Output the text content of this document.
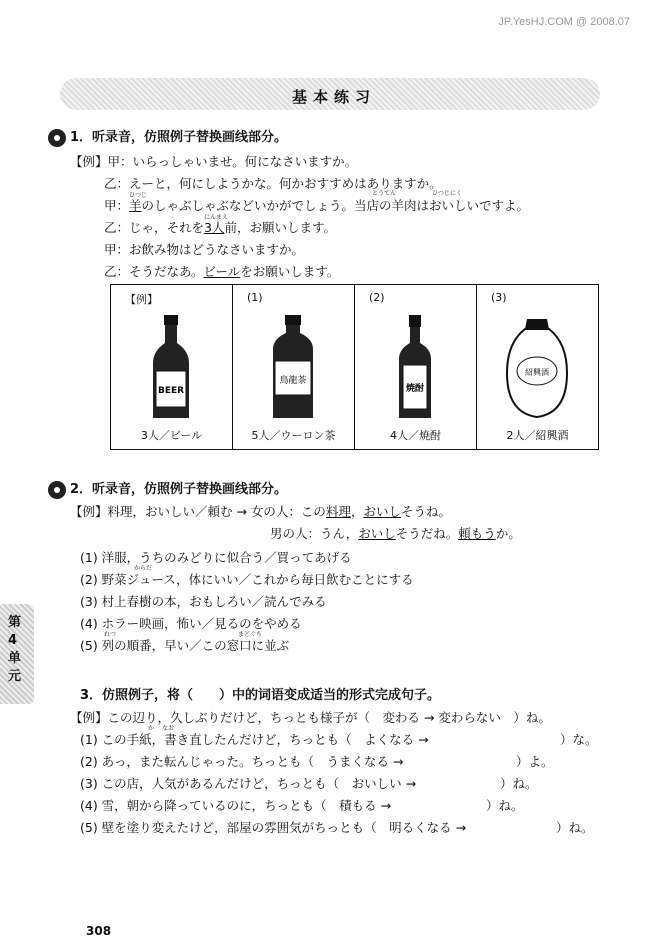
JP.YesHJ.COM @ 2008.07
基本练习
1．听录音，仿照例子替换画线部分。
【例】甲：いらっしゃいませ。何になさいますか。
乙：えーと，何にしようかな。何かおすすめはありますか。
甲：
ひつじ
羊のしゃぶしゃぶなどいかがでしょう。当店の羊肉はおいしいですよ。
とうてん	ひつじにく
乙：じゃ，それを
にんまえ
3人前，お願いします。
甲：お飲み物はどうなさいますか。
乙：そうだなあ。ビールをお願いします。
【例】
BEER
3人／ビール

(1)
鳥龍茶
5人／ウーロン茶

(2)
焼酎
4人／焼酎

(3)
紹興酒
2人／紹興酒
2．听录音，仿照例子替换画线部分。
【例】料理，おいしい／頼む → 女の人：この料理，おいしそうね。
男の人：うん，おいしそうだね。頼もうか。
(1) 洋服，うちのみどりに似合う／買ってあげる
からだ
(2) 野菜ジュース，体にいい／これから毎日飲むことにする
(3) 村上春樹の本，おもしろい／読んでみる
(4) ホラー映画，怖い／見るのをやめる
れつ	まどぐち
(5) 列の順番，早い／この窓口に並ぶ
3．仿照例子，将（　　）中的词语变成适当的形式完成句子。
【例】この辺り，久しぶりだけど，ちっとも様子が（　変わる → 変わらない　）ね。
か なお
(1) この手紙，書き直したんだけど，ちっとも（　よくなる →	）な。
(2) あっ，また転んじゃった。ちっとも（　うまくなる →	）よ。
(3) この店，人気があるんだけど，ちっとも（　おいしい →	）ね。
(4) 雪，朝から降っているのに，ちっとも（　積もる →	）ね。
(5) 壁を塗り変えたけど，部屋の雰囲気がちっとも（　明るくなる →	）ね。
第4单元
308
